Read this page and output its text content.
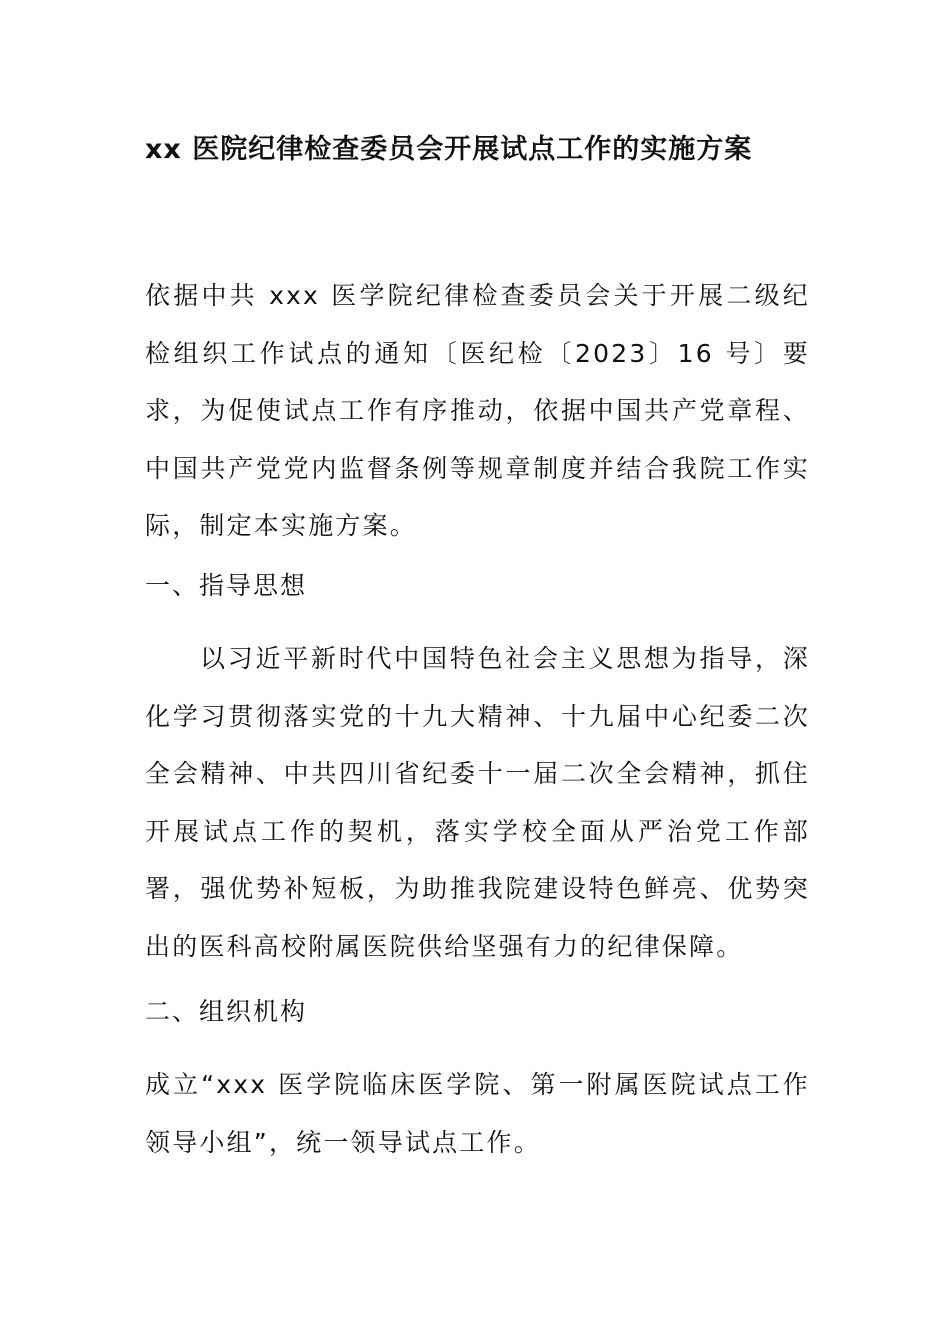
xx 医院纪律检查委员会开展试点工作的实施方案

依据中共 xxx 医学院纪律检查委员会关于开展二级纪检组织工作试点的通知〔医纪检〔2023〕16 号〕要求，为促使试点工作有序推动，依据中国共产党章程、中国共产党党内监督条例等规章制度并结合我院工作实际，制定本实施方案。

一、指导思想

以习近平新时代中国特色社会主义思想为指导，深化学习贯彻落实党的十九大精神、十九届中心纪委二次全会精神、中共四川省纪委十一届二次全会精神，抓住开展试点工作的契机，落实学校全面从严治党工作部署，强优势补短板，为助推我院建设特色鲜亮、优势突出的医科高校附属医院供给坚强有力的纪律保障。

二、组织机构

成立“xxx 医学院临床医学院、第一附属医院试点工作领导小组”，统一领导试点工作。
